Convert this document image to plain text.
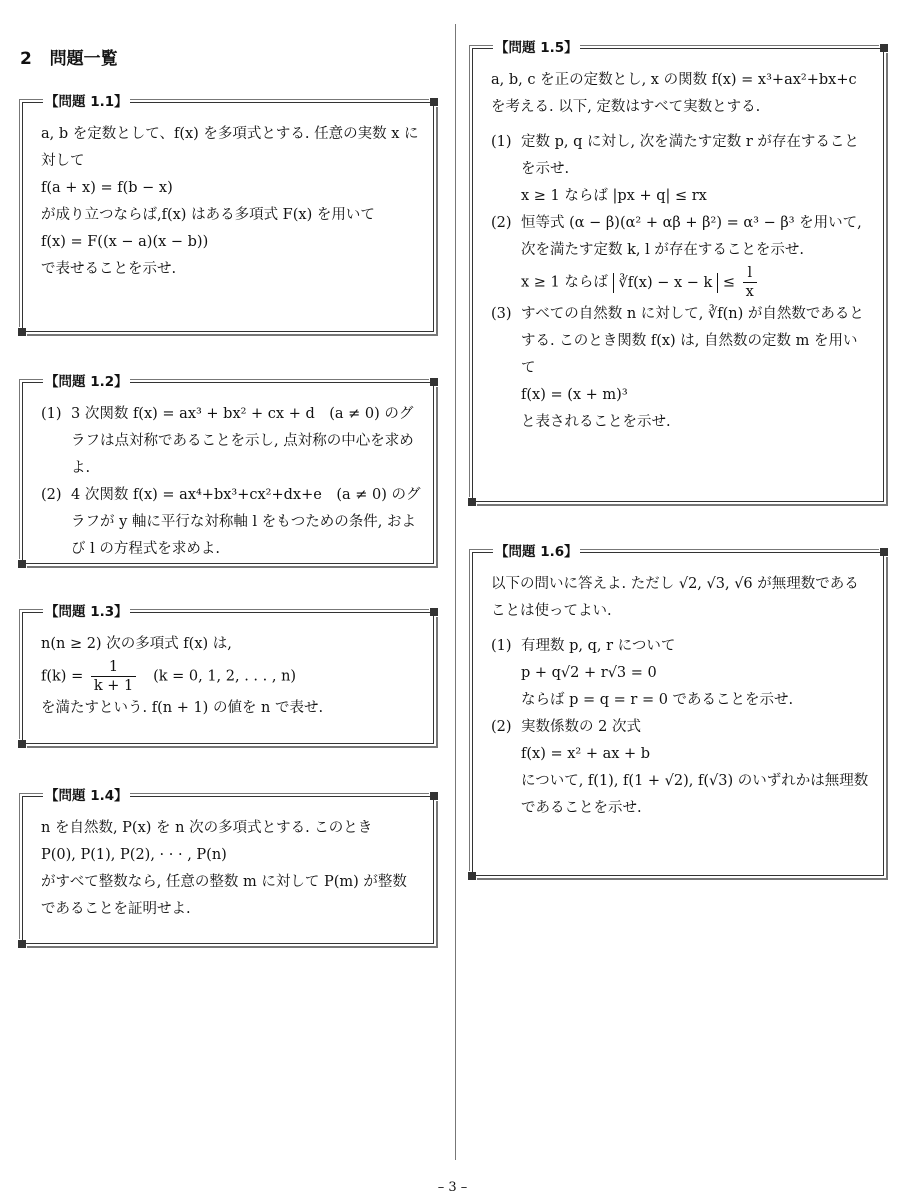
2 問題一覧
【問題 1.1】

a, b を定数として、f(x) を多項式とする. 任意の実数 x に対して

f(a + x) = f(b − x)

が成り立つならば,f(x) はある多項式 F(x) を用いて

f(x) = F((x − a)(x − b))

で表せることを示せ.

【問題 1.2】
(1) 3 次関数 f(x) = ax³ + bx² + cx + d　(a ≠ 0) のグラフは点対称であることを示し, 点対称の中心を求めよ.
(2) 4 次関数 f(x) = ax⁴+bx³+cx²+dx+e　(a ≠ 0) のグラフが y 軸に平行な対称軸 l をもつための条件, および l の方程式を求めよ.
【問題 1.3】

n(n ≥ 2) 次の多項式 f(x) は,

$f(k) = \frac{1}{k + 1} (k = 0$, 1, 2, . . . , n)

を満たすという. f(n + 1) の値を n で表せ.

【問題 1.4】

n を自然数, P(x) を n 次の多項式とする. このとき

P(0), P(1), P(2), · · · , P(n)

がすべて整数なら, 任意の整数 m に対して P(m) が整数であることを証明せよ.

【問題 1.5】

a, b, c を正の定数とし, x の関数 f(x) = x³+ax²+bx+c を考える. 以下, 定数はすべて実数とする.

(1) 定数 p, q に対し, 次を満たす定数 r が存在することを示せ.

x ≥ 1 ならば |px + q| ≤ rx

(2) 恒等式 (α − β)(α² + αβ + β²) = α³ − β³ を用いて, 次を満たす定数 k, l が存在することを示せ.

x ≥ 1 ならば ∛f(x) − $x - k \le \frac{l}{x}$

(3) すべての自然数 n に対して, ∛f(n) が自然数であるとする. このとき関数 f(x) は, 自然数の定数 m を用いて

f(x) = (x + m)³

と表されることを示せ.

【問題 1.6】

以下の問いに答えよ. ただし √2, √3, √6 が無理数であることは使ってよい.

(1) 有理数 p, q, r について

p + q√2 + r√3 = 0

ならば p = q = r = 0 であることを示せ.

(2) 実数係数の 2 次式

f(x) = x² + ax + b

について, f(1), f(1 + √2), f(√3) のいずれかは無理数であることを示せ.

– 3 –
